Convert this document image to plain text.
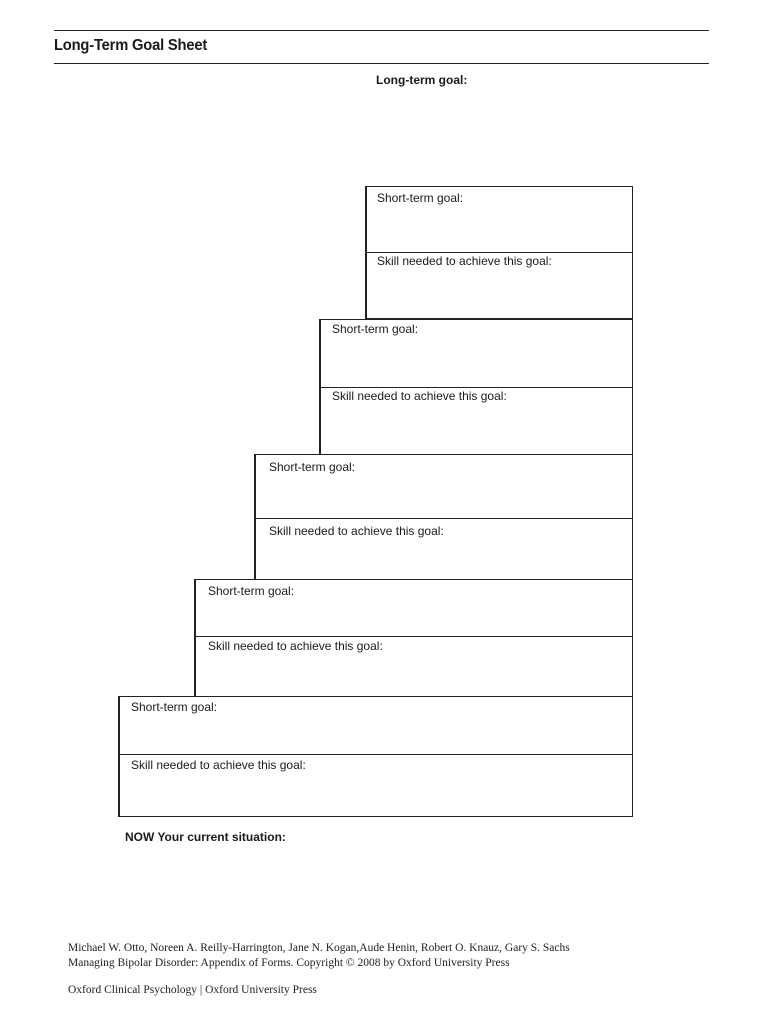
Long-Term Goal Sheet
Long-term goal:
Short-term goal:
Skill needed to achieve this goal:
Short-term goal:
Skill needed to achieve this goal:
Short-term goal:
Skill needed to achieve this goal:
Short-term goal:
Skill needed to achieve this goal:
Short-term goal:
Skill needed to achieve this goal:
NOW Your current situation:
Michael W. Otto, Noreen A. Reilly-Harrington, Jane N. Kogan,Aude Henin, Robert O. Knauz, Gary S. Sachs
Managing Bipolar Disorder: Appendix of Forms. Copyright © 2008 by Oxford University Press
Oxford Clinical Psychology | Oxford University Press
